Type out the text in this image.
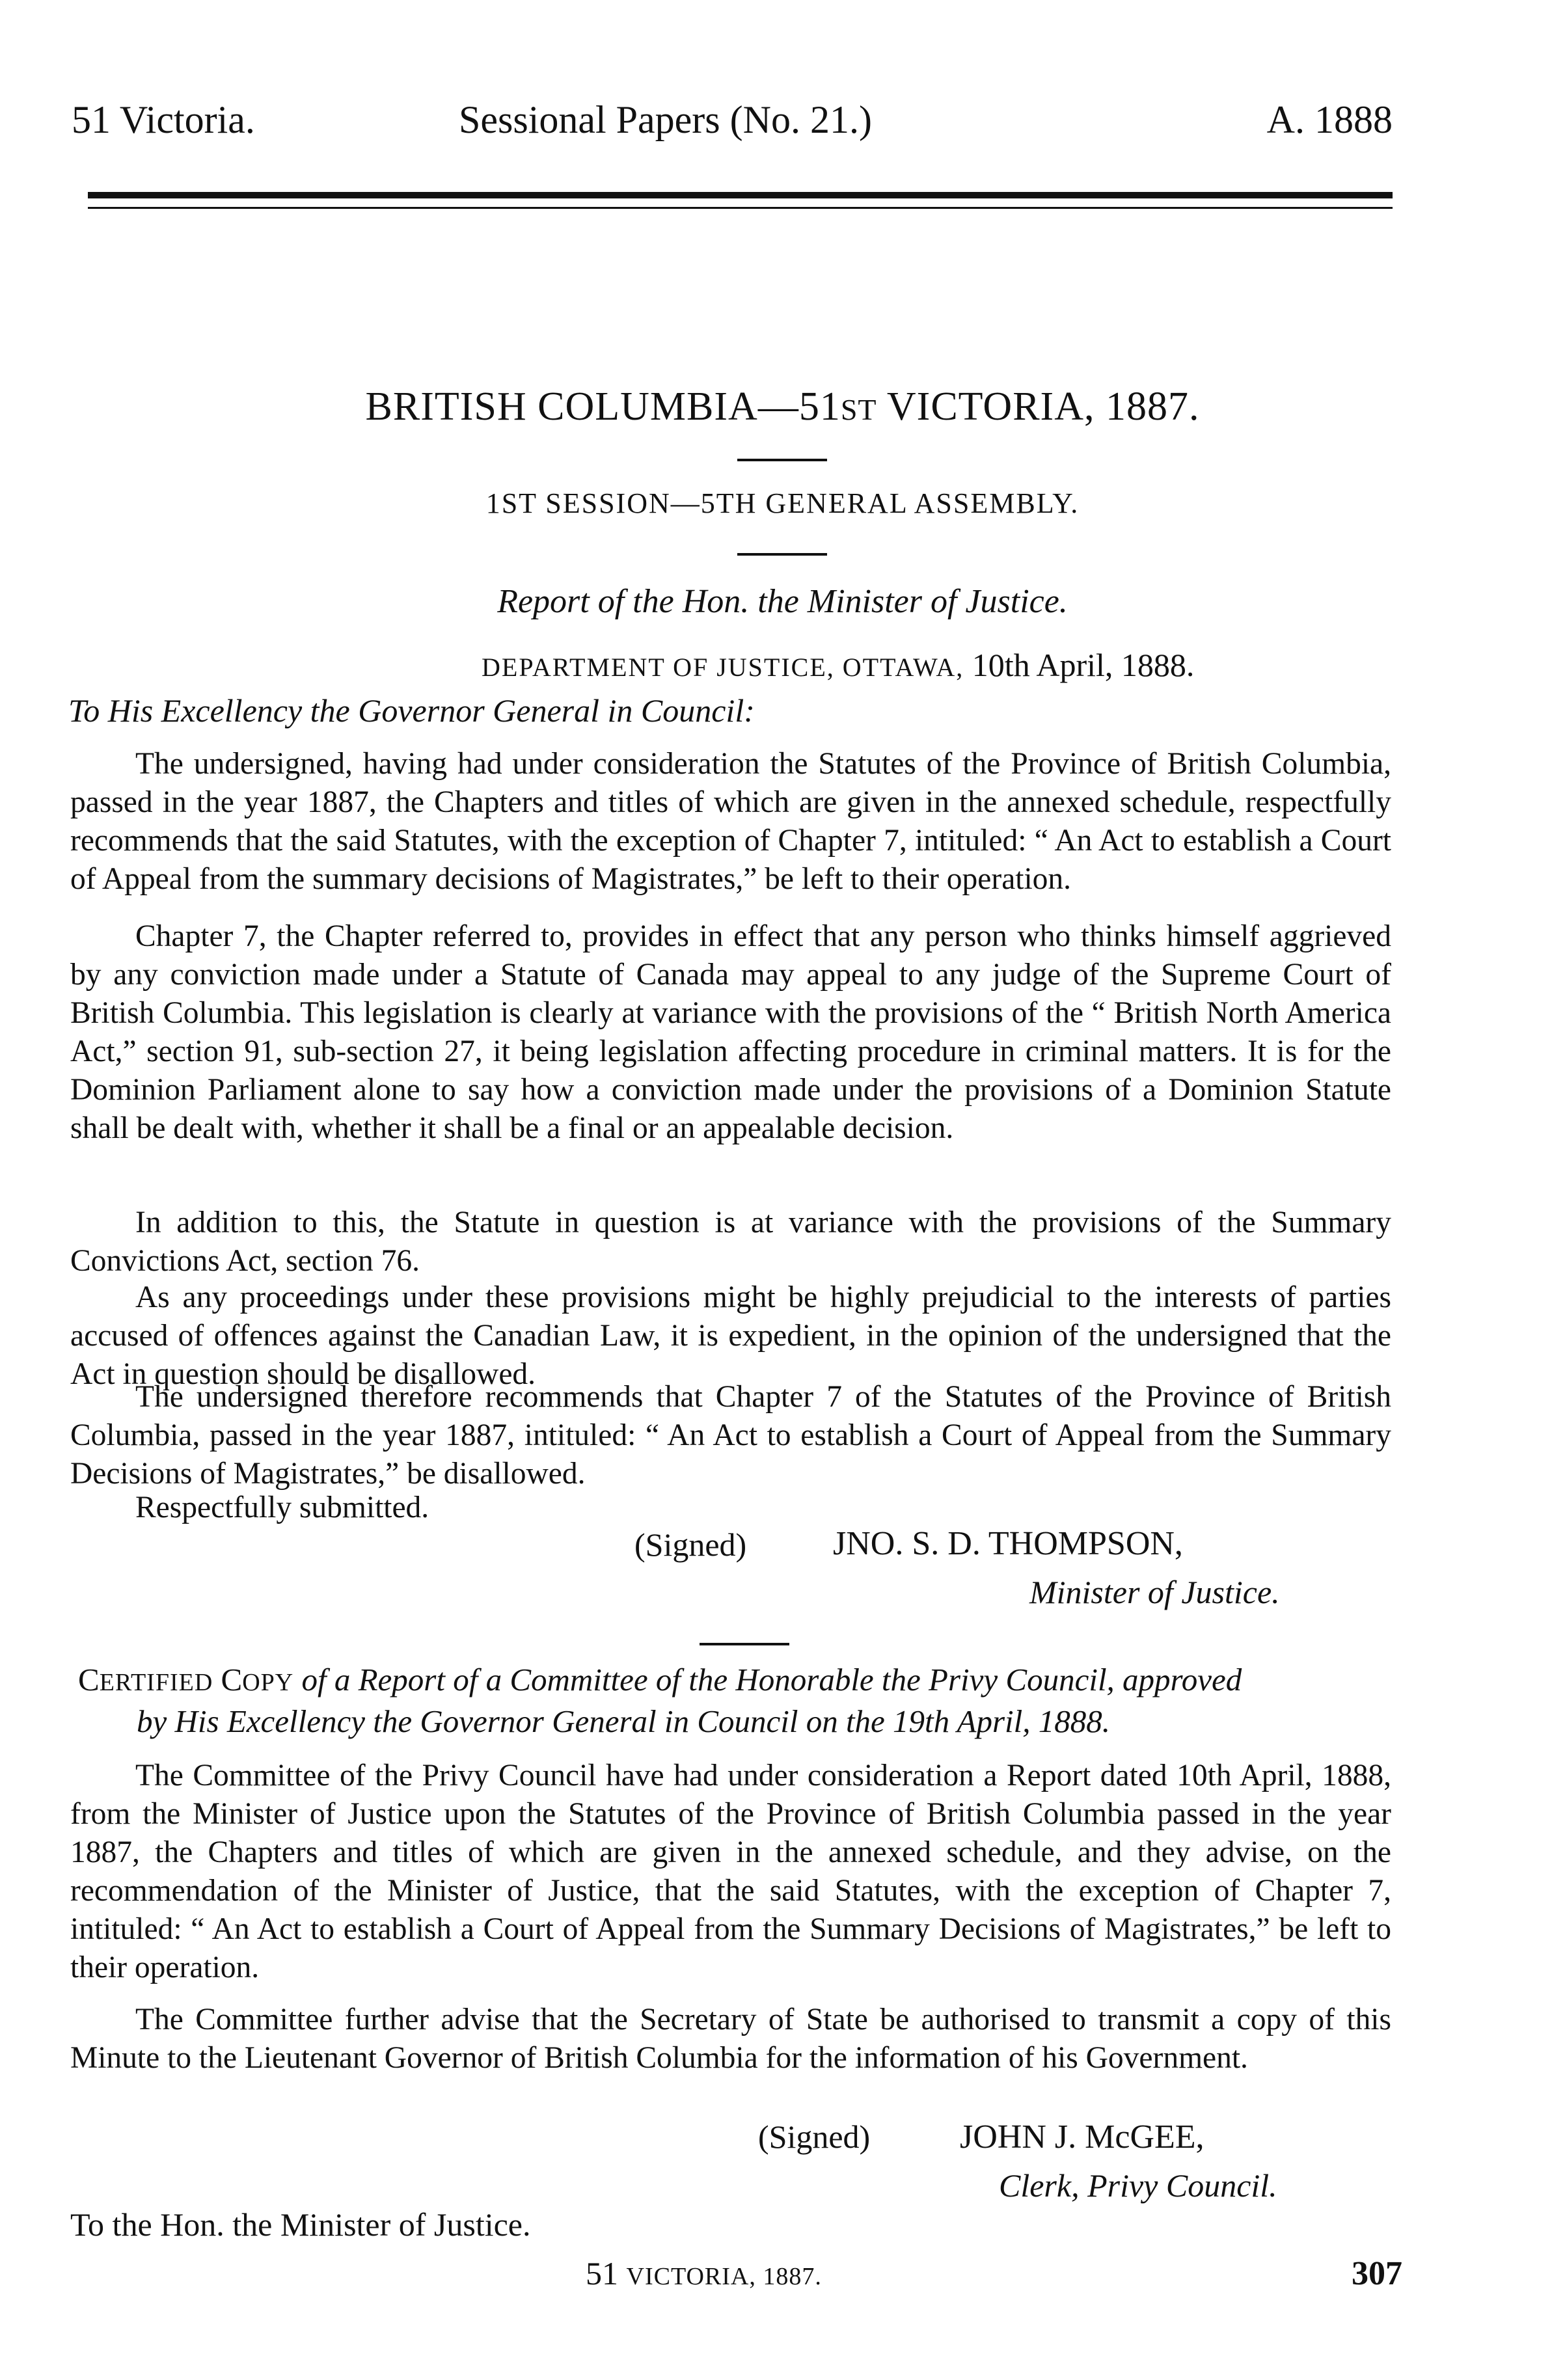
51 Victoria.	Sessional Papers (No. 21.)	A. 1888
BRITISH COLUMBIA—51ST VICTORIA, 1887.
1ST SESSION—5TH GENERAL ASSEMBLY.
Report of the Hon. the Minister of Justice.
DEPARTMENT OF JUSTICE, OTTAWA, 10th April, 1888.
To His Excellency the Governor General in Council:
The undersigned, having had under consideration the Statutes of the Province of British Columbia, passed in the year 1887, the Chapters and titles of which are given in the annexed schedule, respectfully recommends that the said Statutes, with the exception of Chapter 7, intituled: “ An Act to establish a Court of Appeal from the summary decisions of Magistrates,” be left to their operation.
Chapter 7, the Chapter referred to, provides in effect that any person who thinks himself aggrieved by any conviction made under a Statute of Canada may appeal to any judge of the Supreme Court of British Columbia. This legislation is clearly at variance with the provisions of the “ British North America Act,” section 91, sub-section 27, it being legislation affecting procedure in criminal matters. It is for the Dominion Parliament alone to say how a conviction made under the provisions of a Dominion Statute shall be dealt with, whether it shall be a final or an appealable decision.
In addition to this, the Statute in question is at variance with the provisions of the Summary Convictions Act, section 76.
As any proceedings under these provisions might be highly prejudicial to the interests of parties accused of offences against the Canadian Law, it is expedient, in the opinion of the undersigned that the Act in question should be disallowed.
The undersigned therefore recommends that Chapter 7 of the Statutes of the Province of British Columbia, passed in the year 1887, intituled: “ An Act to establish a Court of Appeal from the Summary Decisions of Magistrates,” be disallowed.
Respectfully submitted.
(Signed)	JNO. S. D. THOMPSON,
Minister of Justice.
CERTIFIED COPY of a Report of a Committee of the Honorable the Privy Council, approved
by His Excellency the Governor General in Council on the 19th April, 1888.
The Committee of the Privy Council have had under consideration a Report dated 10th April, 1888, from the Minister of Justice upon the Statutes of the Province of British Columbia passed in the year 1887, the Chapters and titles of which are given in the annexed schedule, and they advise, on the recommendation of the Minister of Justice, that the said Statutes, with the exception of Chapter 7, intituled: “ An Act to establish a Court of Appeal from the Summary Decisions of Magistrates,” be left to their operation.
The Committee further advise that the Secretary of State be authorised to transmit a copy of this Minute to the Lieutenant Governor of British Columbia for the information of his Government.
(Signed)	JOHN J. McGEE,
Clerk, Privy Council.
To the Hon. the Minister of Justice.
51 VICTORIA, 1887.	307
